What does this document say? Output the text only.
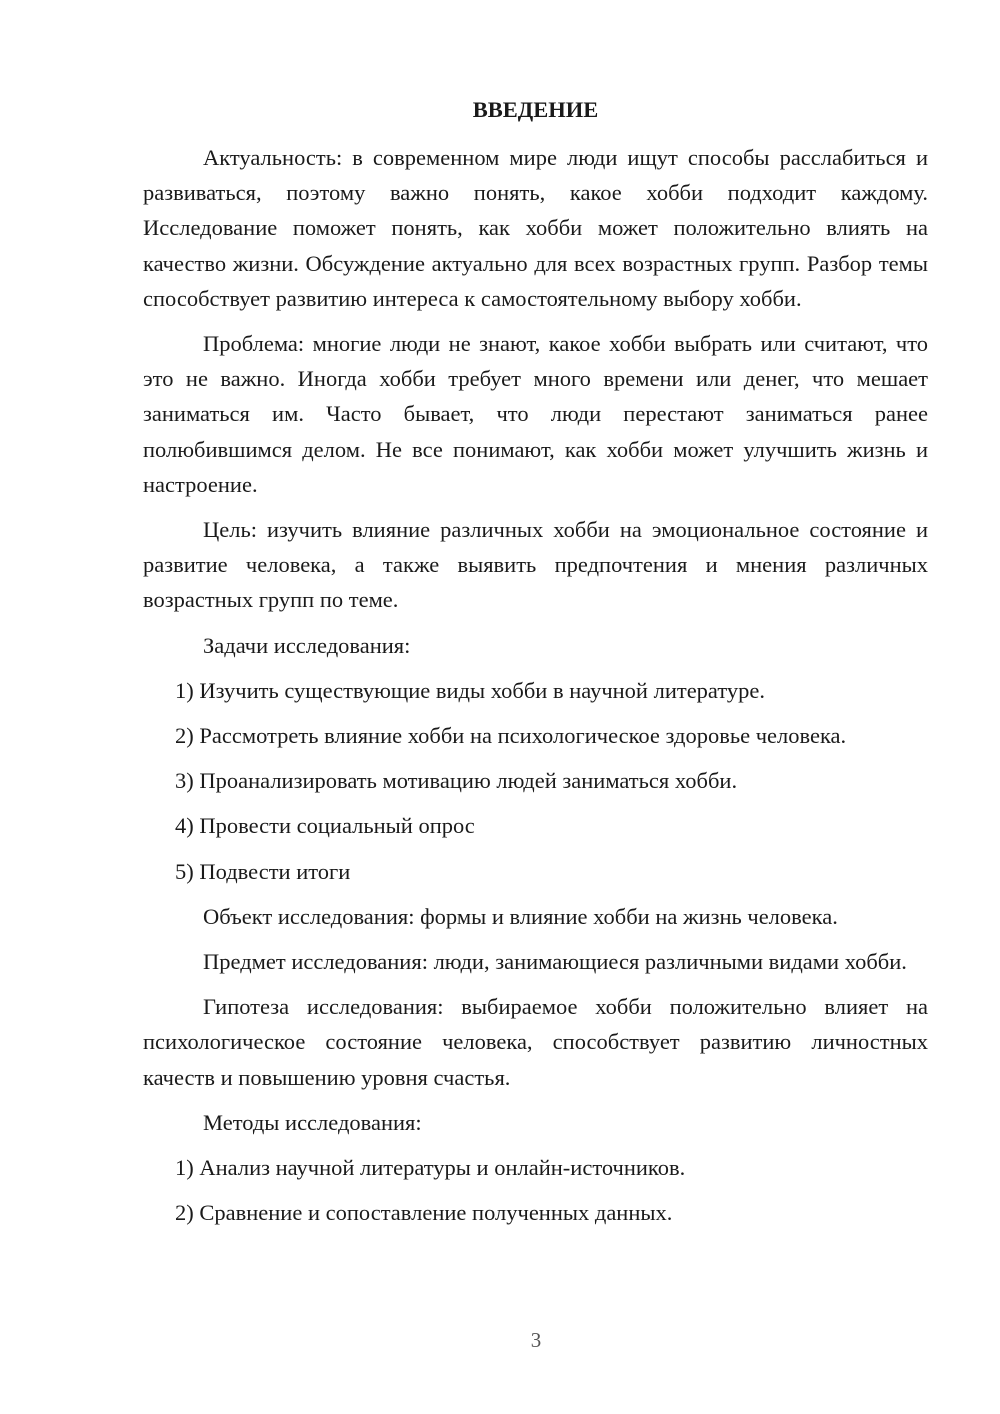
ВВЕДЕНИЕ

Актуальность: в современном мире люди ищут способы расслабиться и развиваться, поэтому важно понять, какое хобби подходит каждому. Исследование поможет понять, как хобби может положительно влиять на качество жизни. Обсуждение актуально для всех возрастных групп. Разбор темы способствует развитию интереса к самостоятельному выбору хобби.

Проблема: многие люди не знают, какое хобби выбрать или считают, что это не важно. Иногда хобби требует много времени или денег, что мешает заниматься им. Часто бывает, что люди перестают заниматься ранее полюбившимся делом. Не все понимают, как хобби может улучшить жизнь и настроение.

Цель: изучить влияние различных хобби на эмоциональное состояние и развитие человека, а также выявить предпочтения и мнения различных возрастных групп по теме.

Задачи исследования:

1) Изучить существующие виды хобби в научной литературе.
2) Рассмотреть влияние хобби на психологическое здоровье человека.
3) Проанализировать мотивацию людей заниматься хобби.
4) Провести социальный опрос
5) Подвести итоги

Объект исследования: формы и влияние хобби на жизнь человека.

Предмет исследования: люди, занимающиеся различными видами хобби.

Гипотеза исследования: выбираемое хобби положительно влияет на психологическое состояние человека, способствует развитию личностных качеств и повышению уровня счастья.

Методы исследования:

1) Анализ научной литературы и онлайн-источников.
2) Сравнение и сопоставление полученных данных.
3
